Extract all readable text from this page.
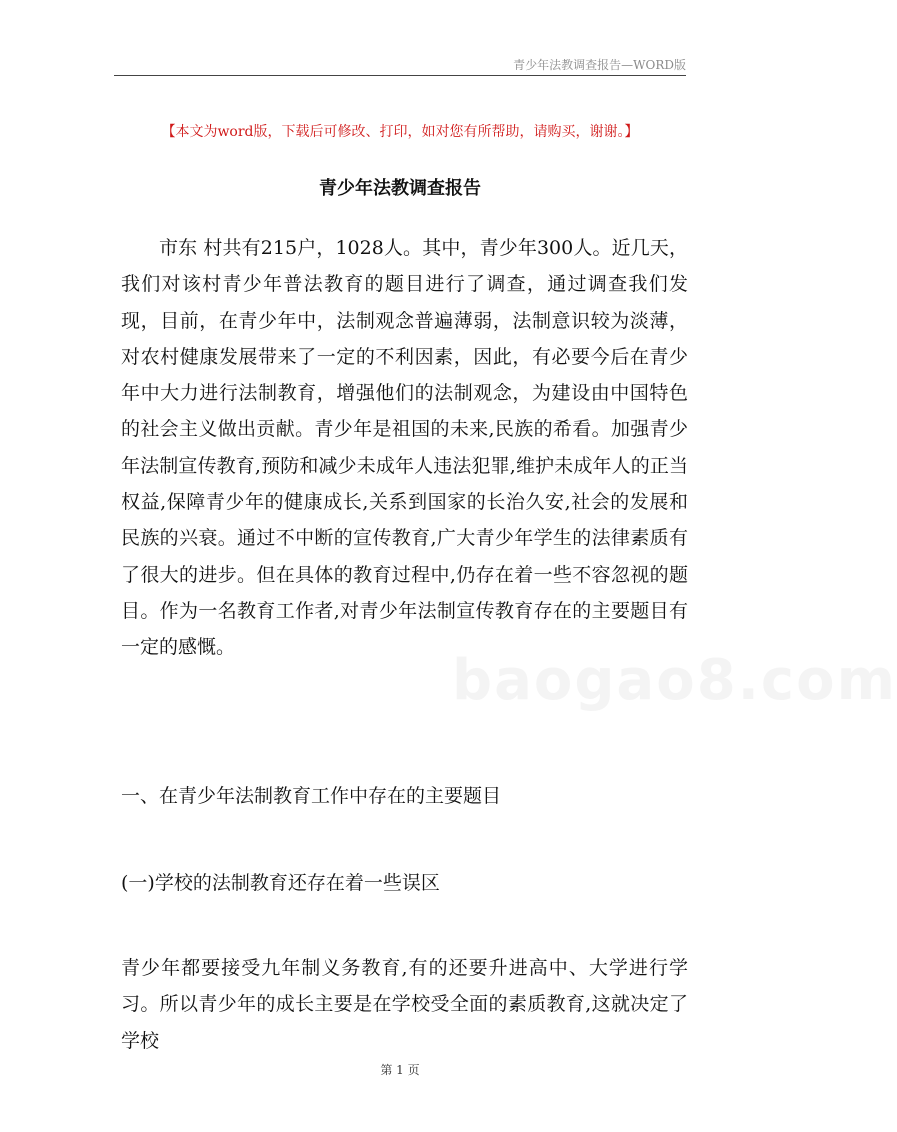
青少年法教调查报告—WORD版
【本文为word版，下载后可修改、打印，如对您有所帮助，请购买，谢谢。】
青少年法教调查报告
市东 村共有215户，1028人。其中，青少年300人。近几天，我们对该村青少年普法教育的题目进行了调查，通过调查我们发现，目前，在青少年中，法制观念普遍薄弱，法制意识较为淡薄，对农村健康发展带来了一定的不利因素，因此，有必要今后在青少年中大力进行法制教育，增强他们的法制观念，为建设由中国特色的社会主义做出贡献。青少年是祖国的未来,民族的希看。加强青少年法制宣传教育,预防和减少未成年人违法犯罪,维护未成年人的正当权益,保障青少年的健康成长,关系到国家的长治久安,社会的发展和民族的兴衰。通过不中断的宣传教育,广大青少年学生的法律素质有了很大的进步。但在具体的教育过程中,仍存在着一些不容忽视的题目。作为一名教育工作者,对青少年法制宣传教育存在的主要题目有一定的感慨。
baogao8.com
一、在青少年法制教育工作中存在的主要题目
(一)学校的法制教育还存在着一些误区
青少年都要接受九年制义务教育,有的还要升进高中、大学进行学习。所以青少年的成长主要是在学校受全面的素质教育,这就决定了学校
第 1 页
